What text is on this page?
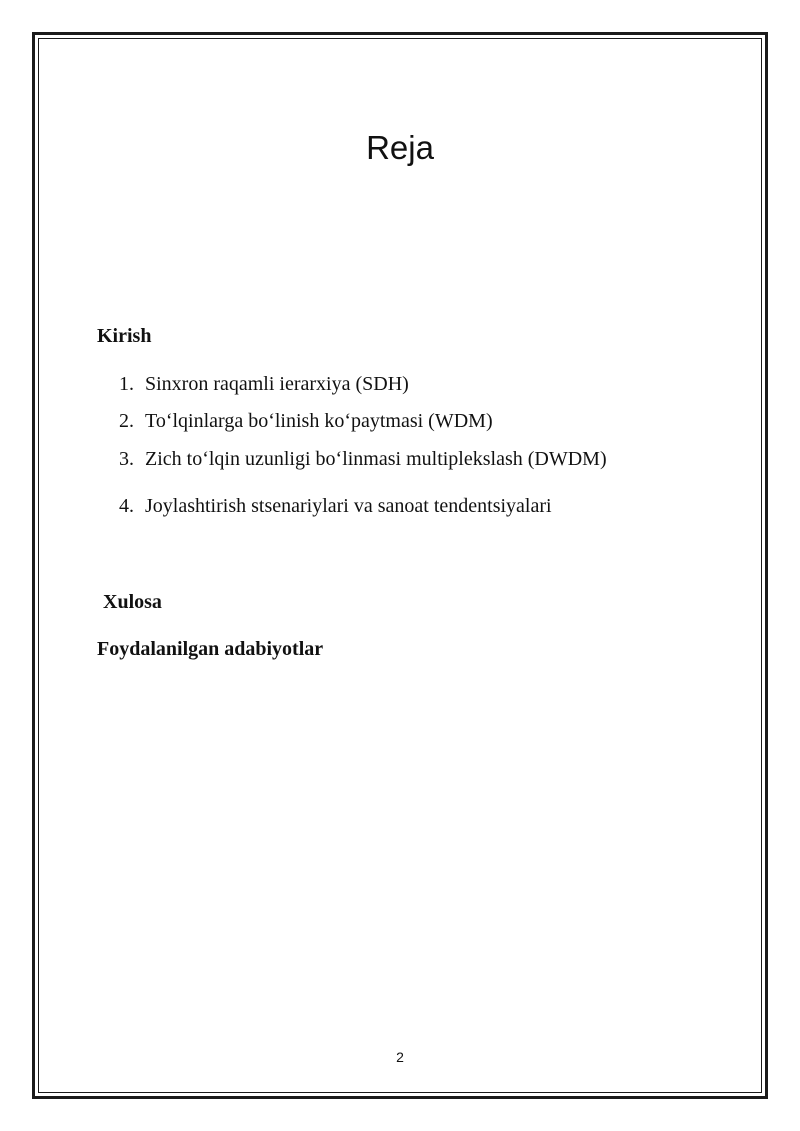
Reja
Kirish
1. Sinxron raqamli ierarxiya (SDH)
2. To‘lqinlarga bo‘linish ko‘paytmasi (WDM)
3. Zich to‘lqin uzunligi bo‘linmasi multiplekslash (DWDM)
4. Joylashtirish stsenariylari va sanoat tendentsiyalari
Xulosa
Foydalanilgan adabiyotlar
2
